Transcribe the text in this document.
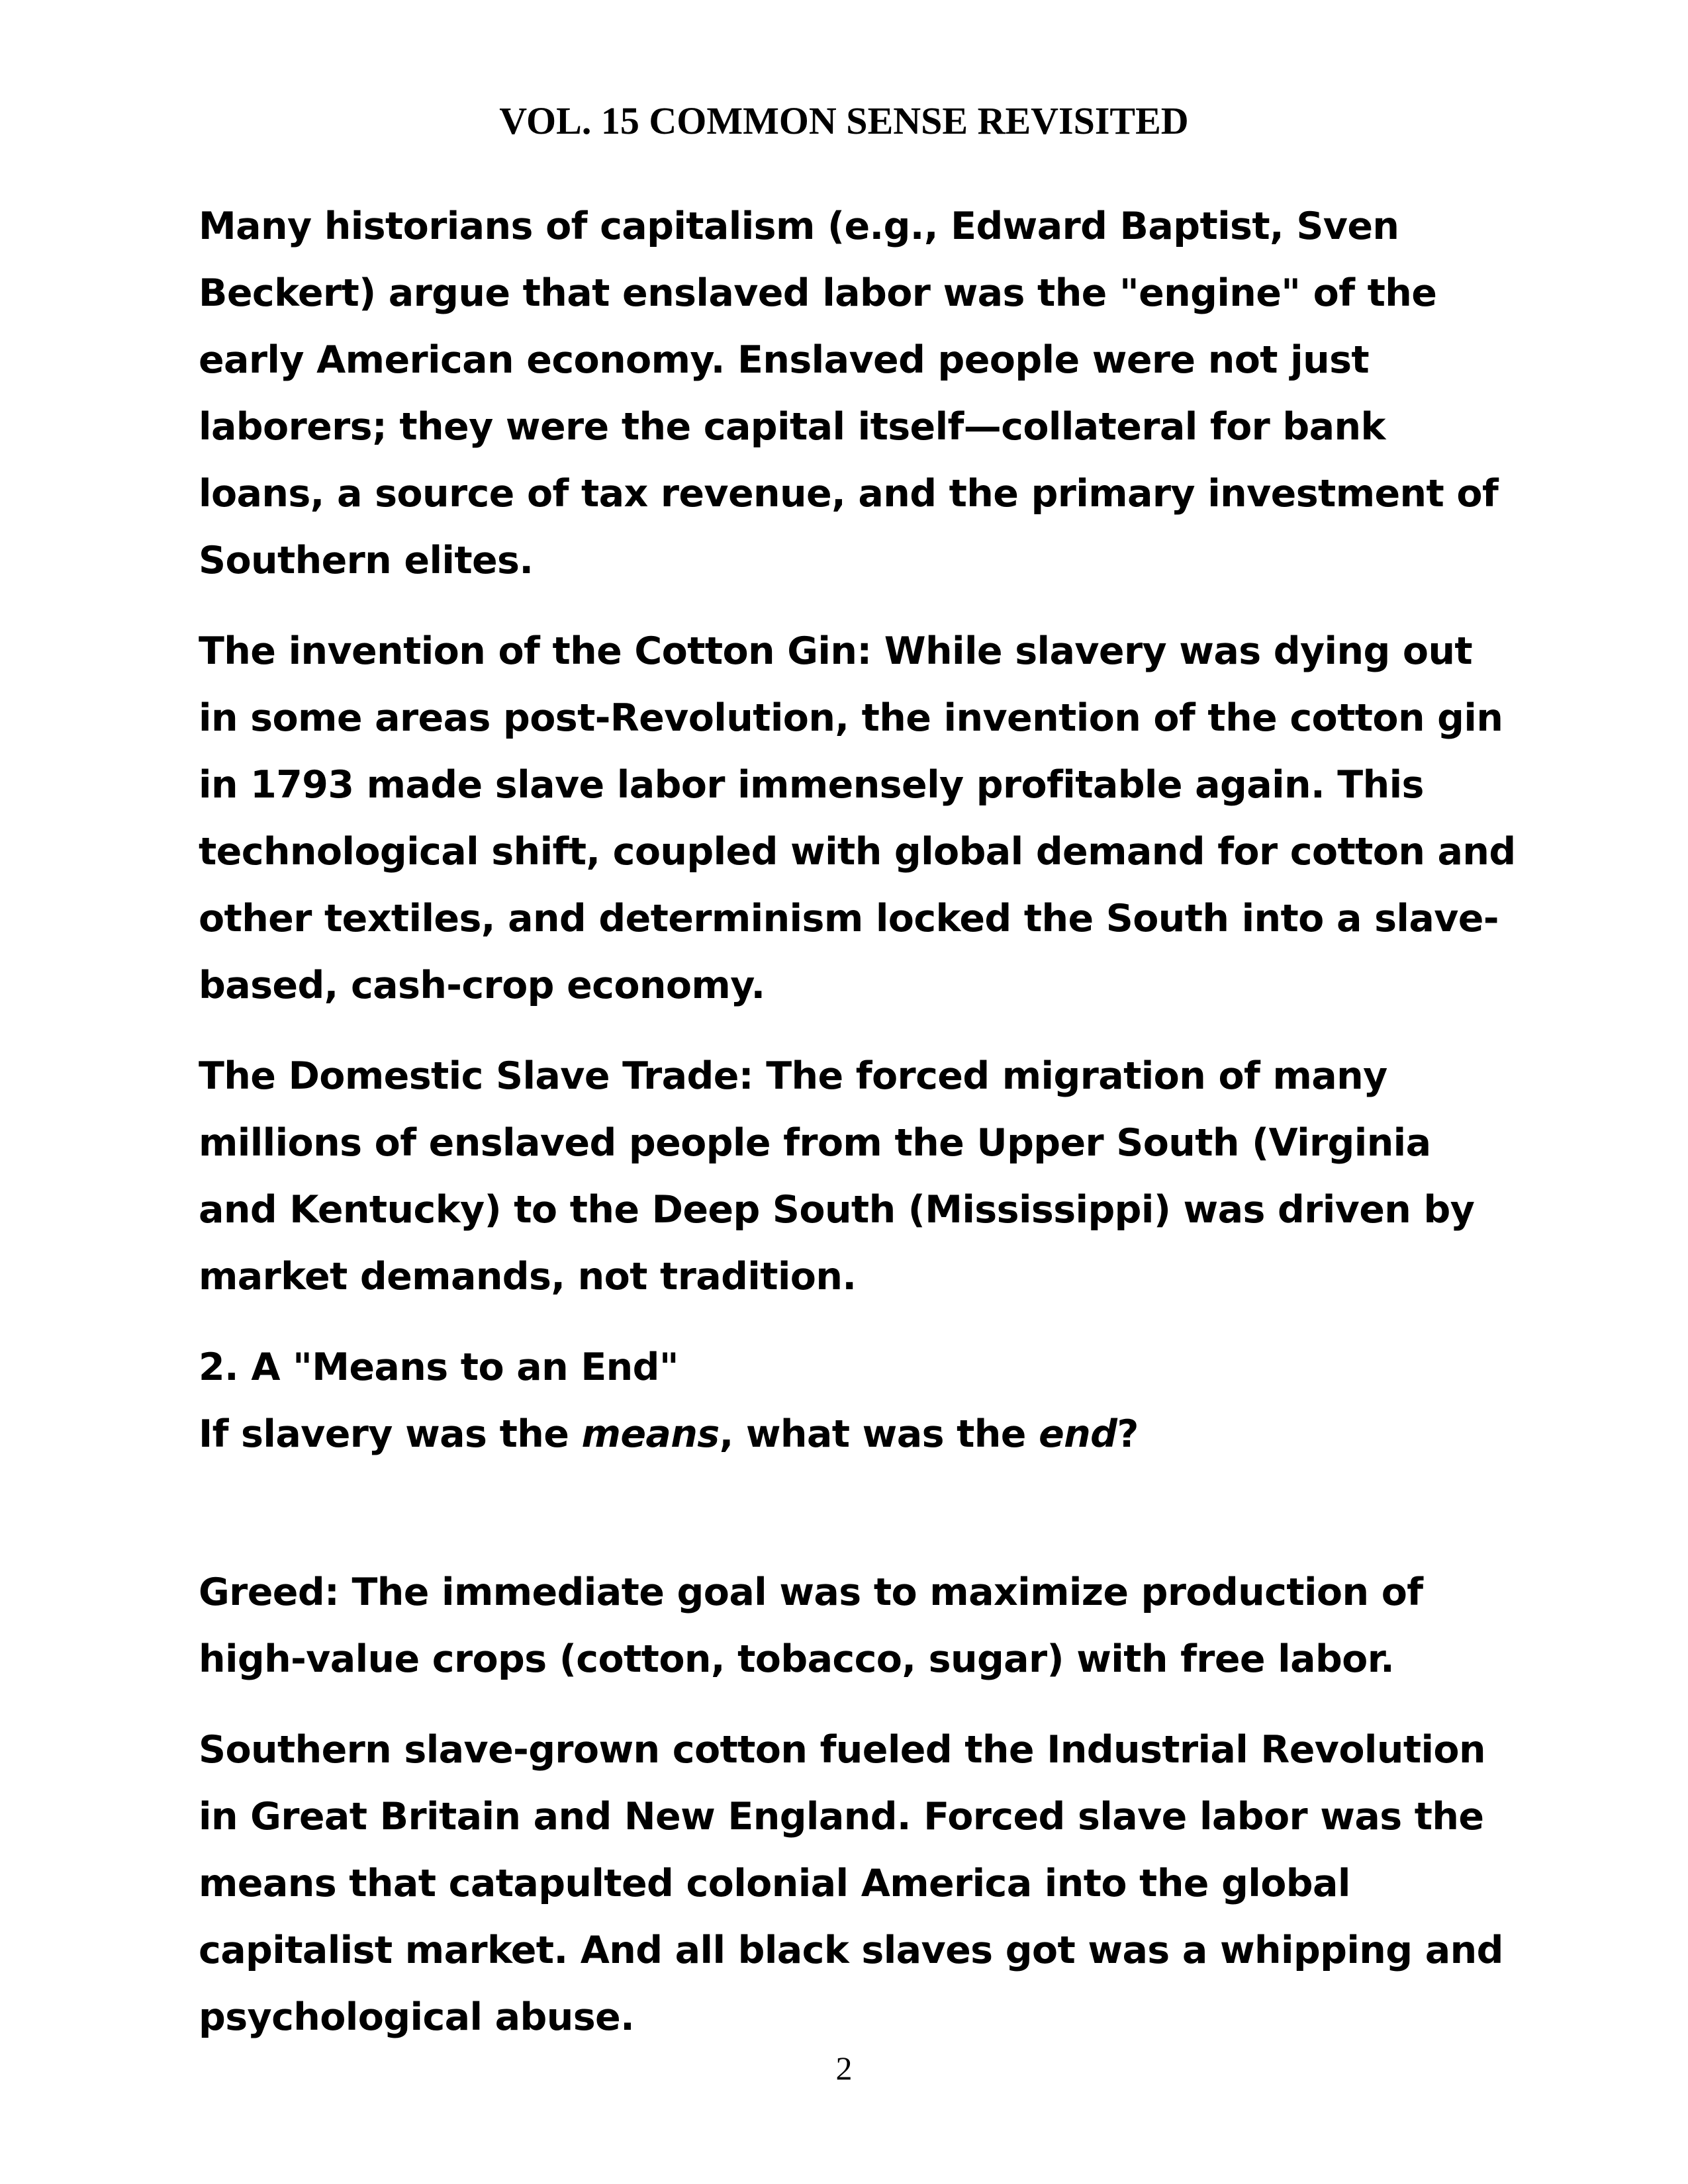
VOL. 15 COMMON SENSE REVISITED

Many historians of capitalism (e.g., Edward Baptist, Sven Beckert) argue that enslaved labor was the "engine" of the early American economy. Enslaved people were not just laborers; they were the capital itself—collateral for bank loans, a source of tax revenue, and the primary investment of Southern elites.

The invention of the Cotton Gin: While slavery was dying out in some areas post-Revolution, the invention of the cotton gin in 1793 made slave labor immensely profitable again. This technological shift, coupled with global demand for cotton and other textiles, and determinism locked the South into a slave-based, cash-crop economy.

The Domestic Slave Trade: The forced migration of many millions of enslaved people from the Upper South (Virginia and Kentucky) to the Deep South (Mississippi) was driven by market demands, not tradition.

2. A "Means to an End"

If slavery was the means, what was the end?

Greed: The immediate goal was to maximize production of high-value crops (cotton, tobacco, sugar) with free labor.

Southern slave-grown cotton fueled the Industrial Revolution in Great Britain and New England. Forced slave labor was the means that catapulted colonial America into the global capitalist market. And all black slaves got was a whipping and psychological abuse.

2
